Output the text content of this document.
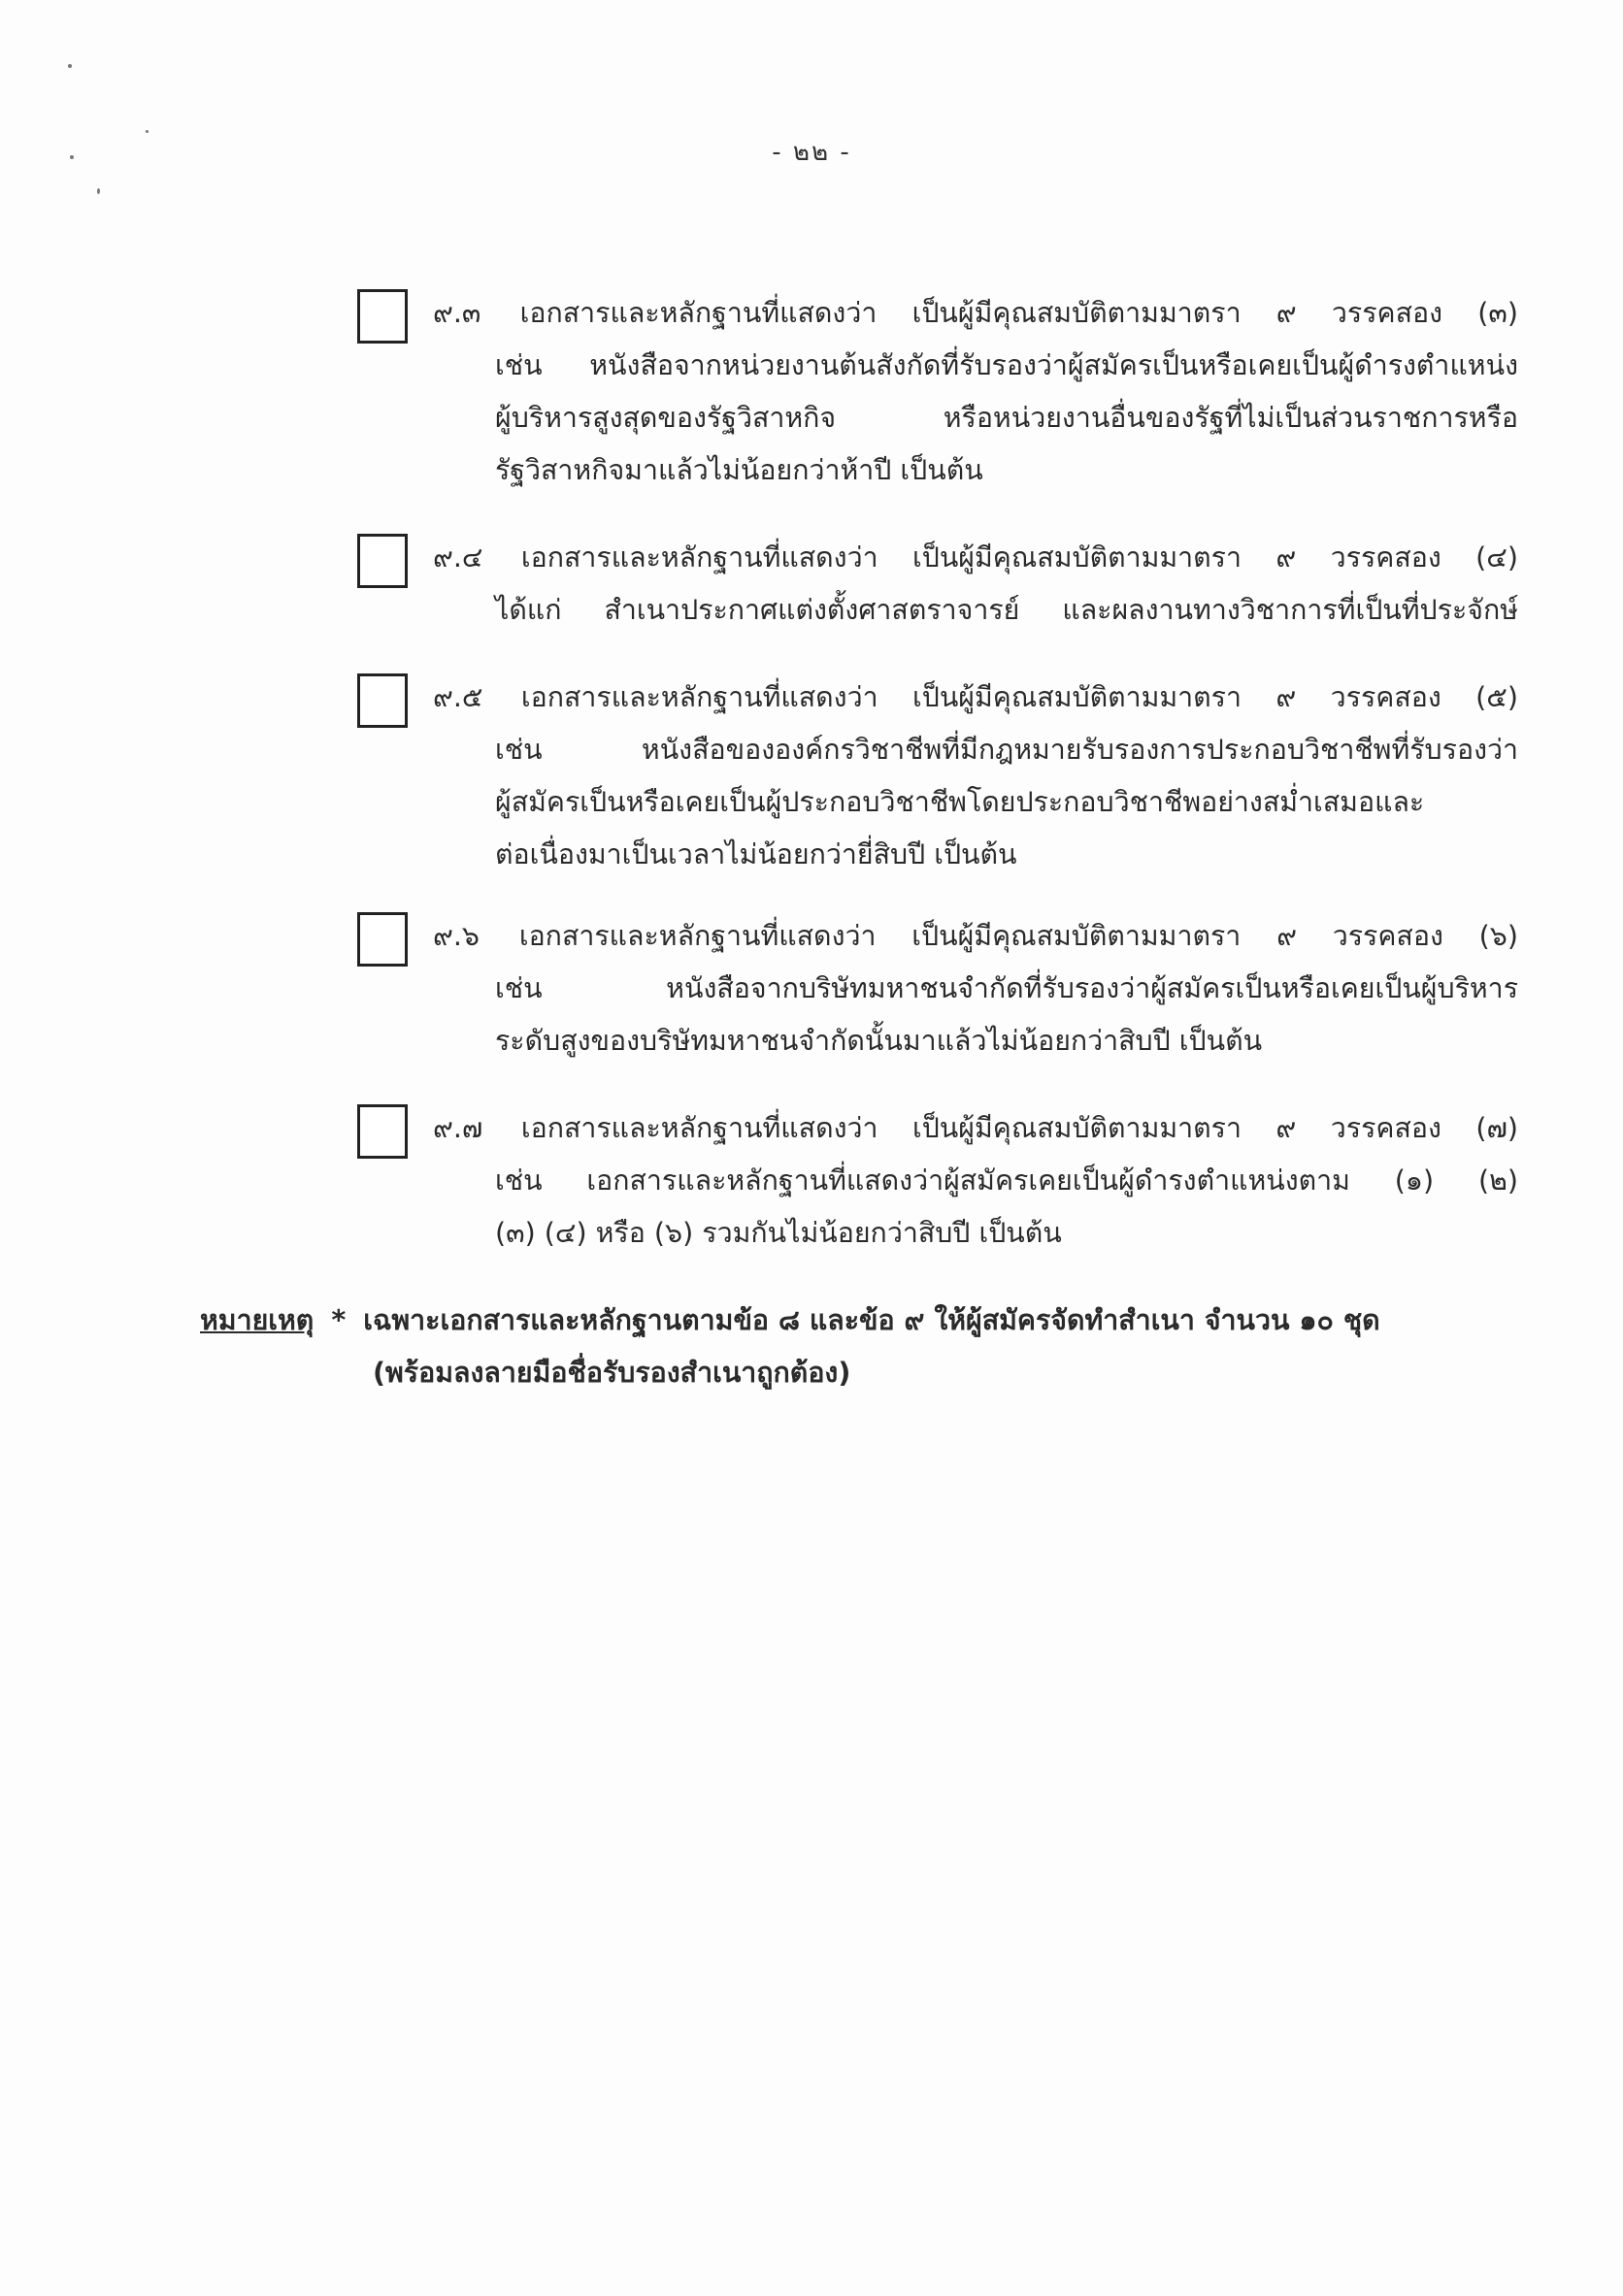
- ๒๒ -
๙.๓ เอกสารและหลักฐานที่แสดงว่า เป็นผู้มีคุณสมบัติตามมาตรา ๙ วรรคสอง (๓)
เช่น หนังสือจากหน่วยงานต้นสังกัดที่รับรองว่าผู้สมัครเป็นหรือเคยเป็นผู้ดำรงตำแหน่ง
ผู้บริหารสูงสุดของรัฐวิสาหกิจ หรือหน่วยงานอื่นของรัฐที่ไม่เป็นส่วนราชการหรือ
รัฐวิสาหกิจมาแล้วไม่น้อยกว่าห้าปี เป็นต้น
๙.๔ เอกสารและหลักฐานที่แสดงว่า เป็นผู้มีคุณสมบัติตามมาตรา ๙ วรรคสอง (๔)
ได้แก่ สำเนาประกาศแต่งตั้งศาสตราจารย์ และผลงานทางวิชาการที่เป็นที่ประจักษ์
๙.๕ เอกสารและหลักฐานที่แสดงว่า เป็นผู้มีคุณสมบัติตามมาตรา ๙ วรรคสอง (๕)
เช่น หนังสือขององค์กรวิชาชีพที่มีกฎหมายรับรองการประกอบวิชาชีพที่รับรองว่า
ผู้สมัครเป็นหรือเคยเป็นผู้ประกอบวิชาชีพโดยประกอบวิชาชีพอย่างสม่ำเสมอและ
ต่อเนื่องมาเป็นเวลาไม่น้อยกว่ายี่สิบปี เป็นต้น
๙.๖ เอกสารและหลักฐานที่แสดงว่า เป็นผู้มีคุณสมบัติตามมาตรา ๙ วรรคสอง (๖)
เช่น หนังสือจากบริษัทมหาชนจำกัดที่รับรองว่าผู้สมัครเป็นหรือเคยเป็นผู้บริหาร
ระดับสูงของบริษัทมหาชนจำกัดนั้นมาแล้วไม่น้อยกว่าสิบปี เป็นต้น
๙.๗ เอกสารและหลักฐานที่แสดงว่า เป็นผู้มีคุณสมบัติตามมาตรา ๙ วรรคสอง (๗)
เช่น เอกสารและหลักฐานที่แสดงว่าผู้สมัครเคยเป็นผู้ดำรงตำแหน่งตาม (๑) (๒)
(๓) (๔) หรือ (๖) รวมกันไม่น้อยกว่าสิบปี เป็นต้น
หมายเหตุ * เฉพาะเอกสารและหลักฐานตามข้อ ๘ และข้อ ๙ ให้ผู้สมัครจัดทำสำเนา จำนวน ๑๐ ชุด
(พร้อมลงลายมือชื่อรับรองสำเนาถูกต้อง)
